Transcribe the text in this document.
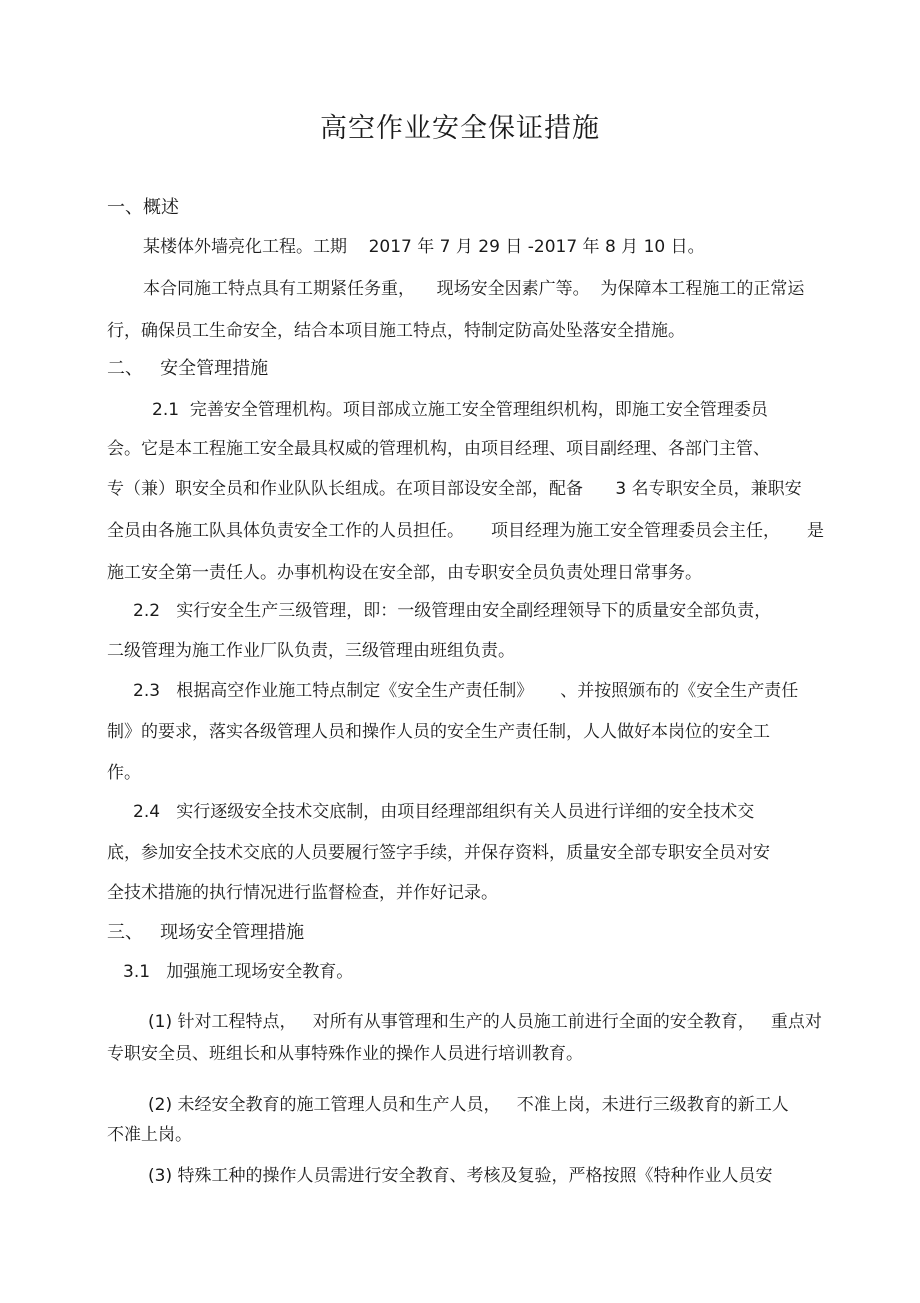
高空作业安全保证措施
一、概述
某楼体外墙亮化工程。工期    2017 年 7 月 29 日 -2017 年 8 月 10 日。
本合同施工特点具有工期紧任务重，    现场安全因素广等。  为保障本工程施工的正常运
行，确保员工生命安全，结合本项目施工特点，特制定防高处坠落安全措施。
二、   安全管理措施
2.1  完善安全管理机构。项目部成立施工安全管理组织机构，即施工安全管理委员
会。它是本工程施工安全最具权威的管理机构，由项目经理、项目副经理、各部门主管、
专（兼）职安全员和作业队队长组成。在项目部设安全部，配备      3 名专职安全员，兼职安
全员由各施工队具体负责安全工作的人员担任。     项目经理为施工安全管理委员会主任，     是
施工安全第一责任人。办事机构设在安全部，由专职安全员负责处理日常事务。
2.2   实行安全生产三级管理，即：一级管理由安全副经理领导下的质量安全部负责，
二级管理为施工作业厂队负责，三级管理由班组负责。
2.3   根据高空作业施工特点制定《安全生产责任制》     、并按照颁布的《安全生产责任
制》的要求，落实各级管理人员和操作人员的安全生产责任制，人人做好本岗位的安全工
作。
2.4   实行逐级安全技术交底制，由项目经理部组织有关人员进行详细的安全技术交
底，参加安全技术交底的人员要履行签字手续，并保存资料，质量安全部专职安全员对安
全技术措施的执行情况进行监督检查，并作好记录。
三、   现场安全管理措施
3.1   加强施工现场安全教育。
(1) 针对工程特点，   对所有从事管理和生产的人员施工前进行全面的安全教育，   重点对
专职安全员、班组长和从事特殊作业的操作人员进行培训教育。
(2) 未经安全教育的施工管理人员和生产人员，   不准上岗，未进行三级教育的新工人
不准上岗。
(3) 特殊工种的操作人员需进行安全教育、考核及复验，严格按照《特种作业人员安
